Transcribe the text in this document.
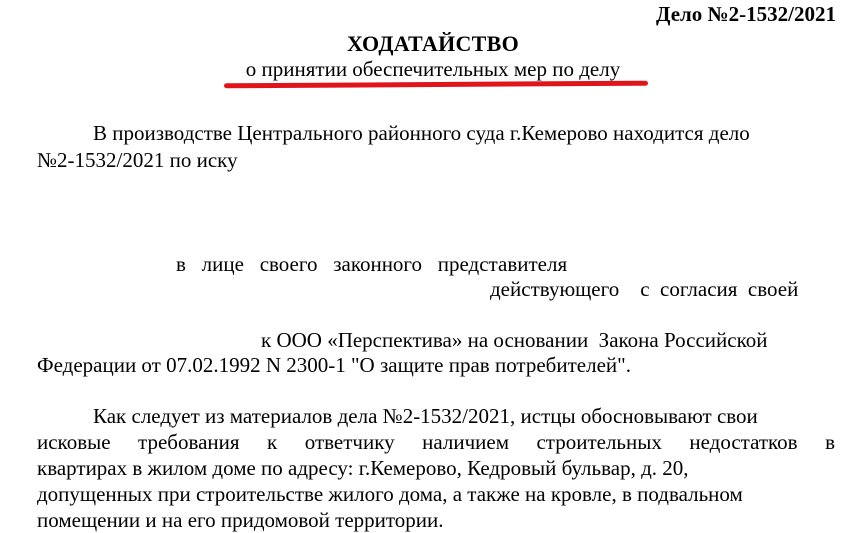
Дело №2-1532/2021
ХОДАТАЙСТВО
о принятии обеспечительных мер по делу
В производстве Центрального районного суда г.Кемерово находится дело
№2-1532/2021 по иску
в   лице   своего   законного   представителя
действующего    с  согласия  своей
к ООО «Перспектива» на основании  Закона Российской
Федерации от 07.02.1992 N 2300-1 "О защите прав потребителей".
Как следует из материалов дела №2-1532/2021, истцы обосновывают свои
исковые требования к ответчику наличием строительных недостатков в
квартирах в жилом доме по адресу: г.Кемерово, Кедровый бульвар, д. 20,
допущенных при строительстве жилого дома, а также на кровле, в подвальном
помещении и на его придомовой территории.
